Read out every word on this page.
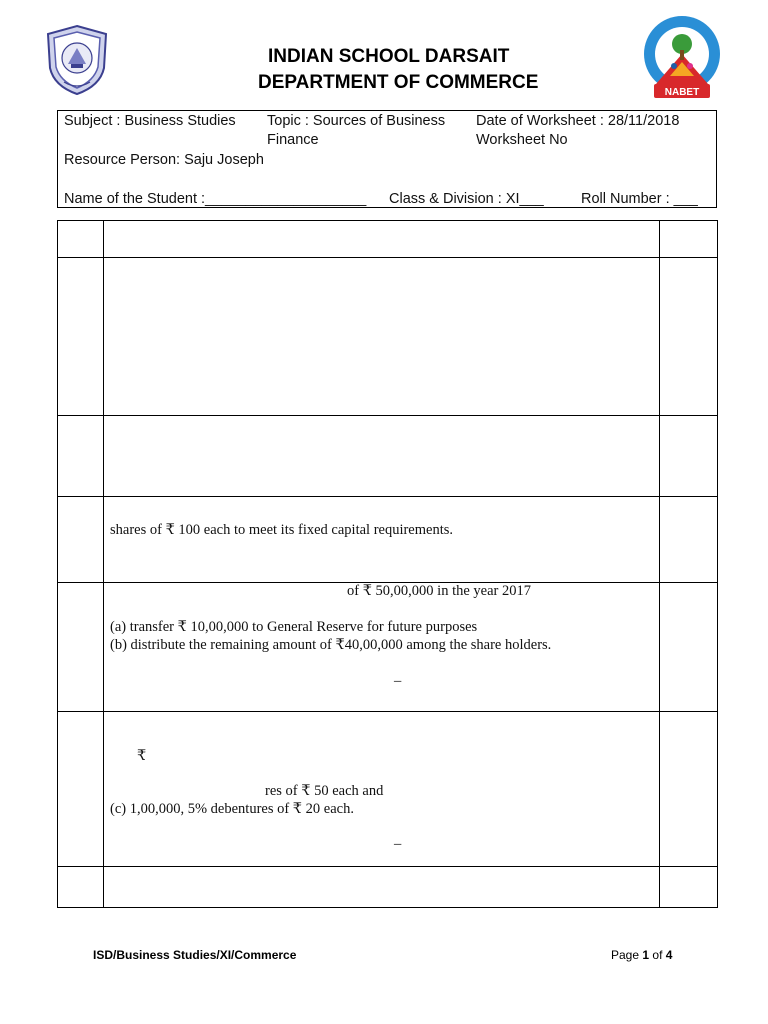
INDIAN SCHOOL DARSAIT
DEPARTMENT OF COMMERCE	NABET
Subject : Business Studies Topic : Sources of Business
Finance
Date of Worksheet : 28/11/2018
Worksheet No
Resource Person: Saju Joseph
Name of the Student :____________________ Class & Division : XI___	Roll Number : ___

	shares of ₹ 100 each to meet its fixed capital requirements.	

	of ₹ 50,00,000 in the year 2017
(a) transfer ₹ 10,00,000 to General Reserve for future purposes
(b) distribute the remaining amount of ₹40,00,000 among the share holders.
–	

	₹
res of ₹ 50 each and
(c) 1,00,000, 5% debentures of ₹ 20 each.
–	

ISD/Business Studies/XI/Commerce	Page 1 of 4
